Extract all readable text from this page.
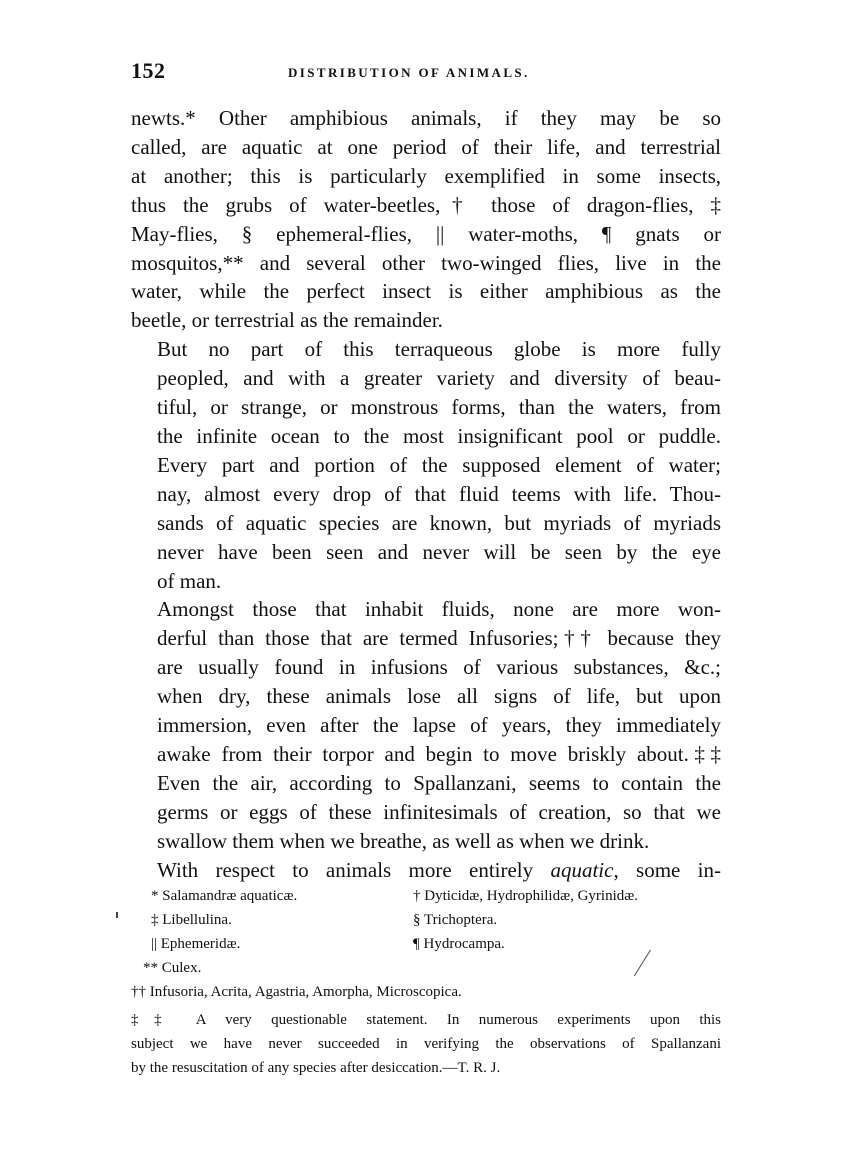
152	DISTRIBUTION OF ANIMALS.
newts.* Other amphibious animals, if they may be so
called, are aquatic at one period of their life, and terrestrial
at another; this is particularly exemplified in some insects,
thus the grubs of water-beetles,† those of dragon-flies, ‡
May-flies, § ephemeral-flies, || water-moths, ¶ gnats or
mosquitos,** and several other two-winged flies, live in the
water, while the perfect insect is either amphibious as the
beetle, or terrestrial as the remainder.
But no part of this terraqueous globe is more fully
peopled, and with a greater variety and diversity of beau-
tiful, or strange, or monstrous forms, than the waters, from
the infinite ocean to the most insignificant pool or puddle.
Every part and portion of the supposed element of water;
nay, almost every drop of that fluid teems with life. Thou-
sands of aquatic species are known, but myriads of myriads
never have been seen and never will be seen by the eye
of man.
Amongst those that inhabit fluids, none are more won-
derful than those that are termed Infusories;†† because they
are usually found in infusions of various substances, &c.;
when dry, these animals lose all signs of life, but upon
immersion, even after the lapse of years, they immediately
awake from their torpor and begin to move briskly about.‡‡
Even the air, according to Spallanzani, seems to contain the
germs or eggs of these infinitesimals of creation, so that we
swallow them when we breathe, as well as when we drink.
With respect to animals more entirely aquatic, some in-
* Salamandræ aquaticæ.	† Dyticidæ, Hydrophilidæ, Gyrinidæ.
‡ Libellulina.	§ Trichoptera.
|| Ephemeridæ.	¶ Hydrocampa.
** Culex.
†† Infusoria, Acrita, Agastria, Amorpha, Microscopica.
‡‡ A very questionable statement. In numerous experiments upon this
subject we have never succeeded in verifying the observations of Spallanzani
by the resuscitation of any species after desiccation.—T. R. J.
